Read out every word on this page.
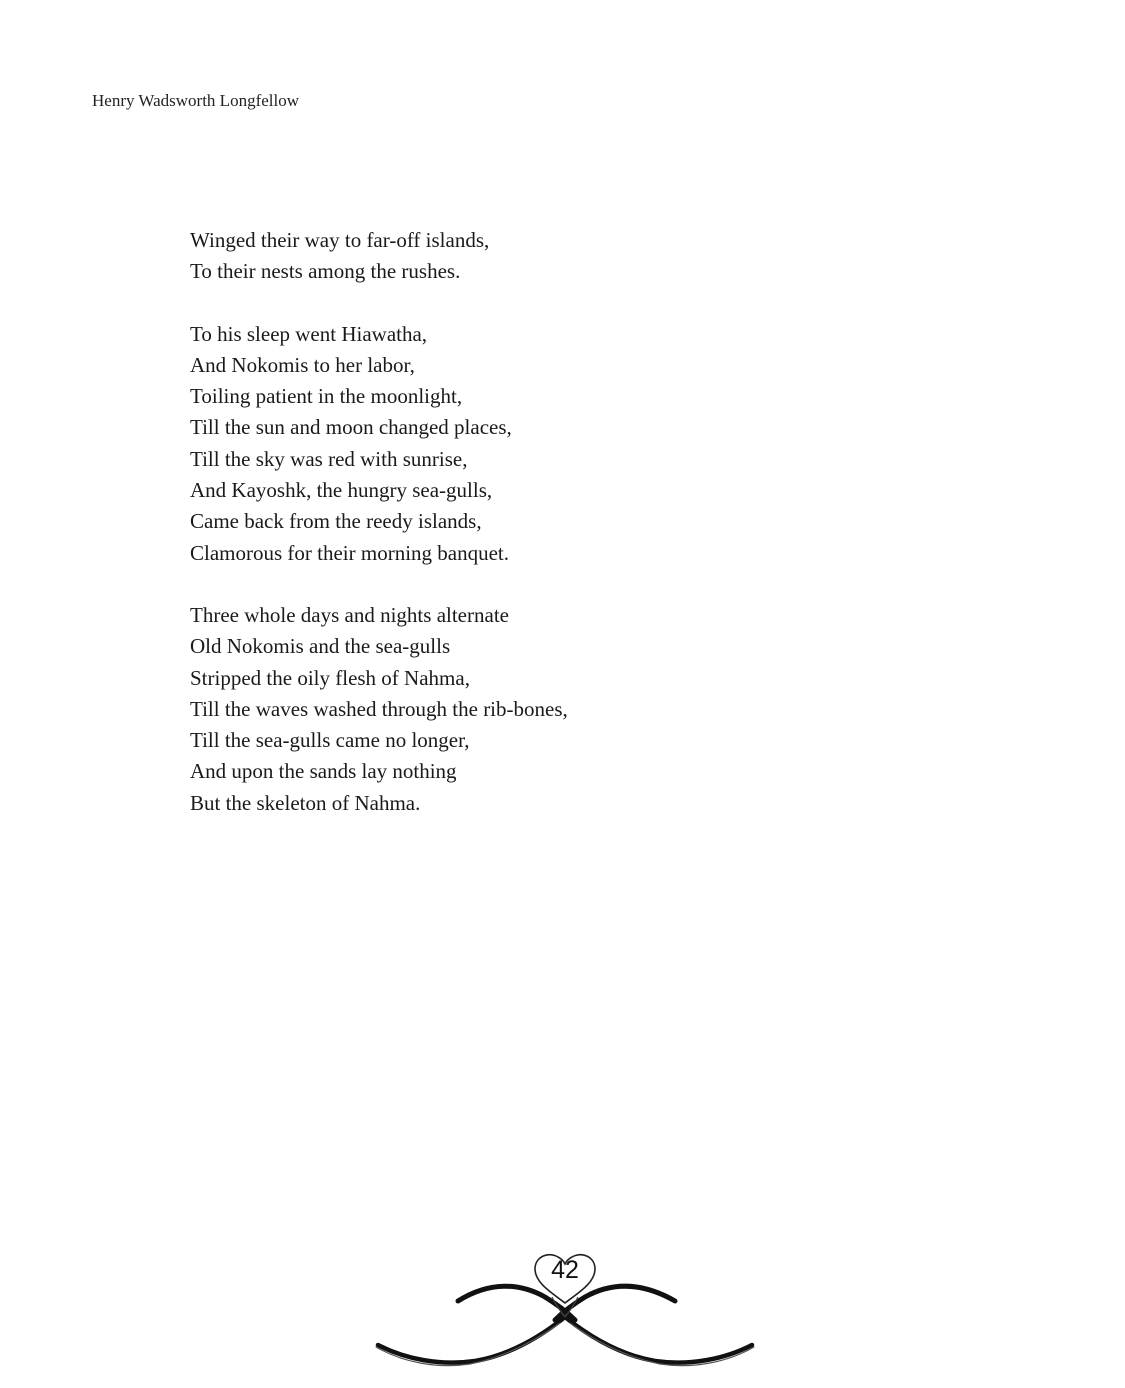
Henry Wadsworth Longfellow
Winged their way to far-off islands,
To their nests among the rushes.
To his sleep went Hiawatha,
And Nokomis to her labor,
Toiling patient in the moonlight,
Till the sun and moon changed places,
Till the sky was red with sunrise,
And Kayoshk, the hungry sea-gulls,
Came back from the reedy islands,
Clamorous for their morning banquet.
Three whole days and nights alternate
Old Nokomis and the sea-gulls
Stripped the oily flesh of Nahma,
Till the waves washed through the rib-bones,
Till the sea-gulls came no longer,
And upon the sands lay nothing
But the skeleton of Nahma.
42
